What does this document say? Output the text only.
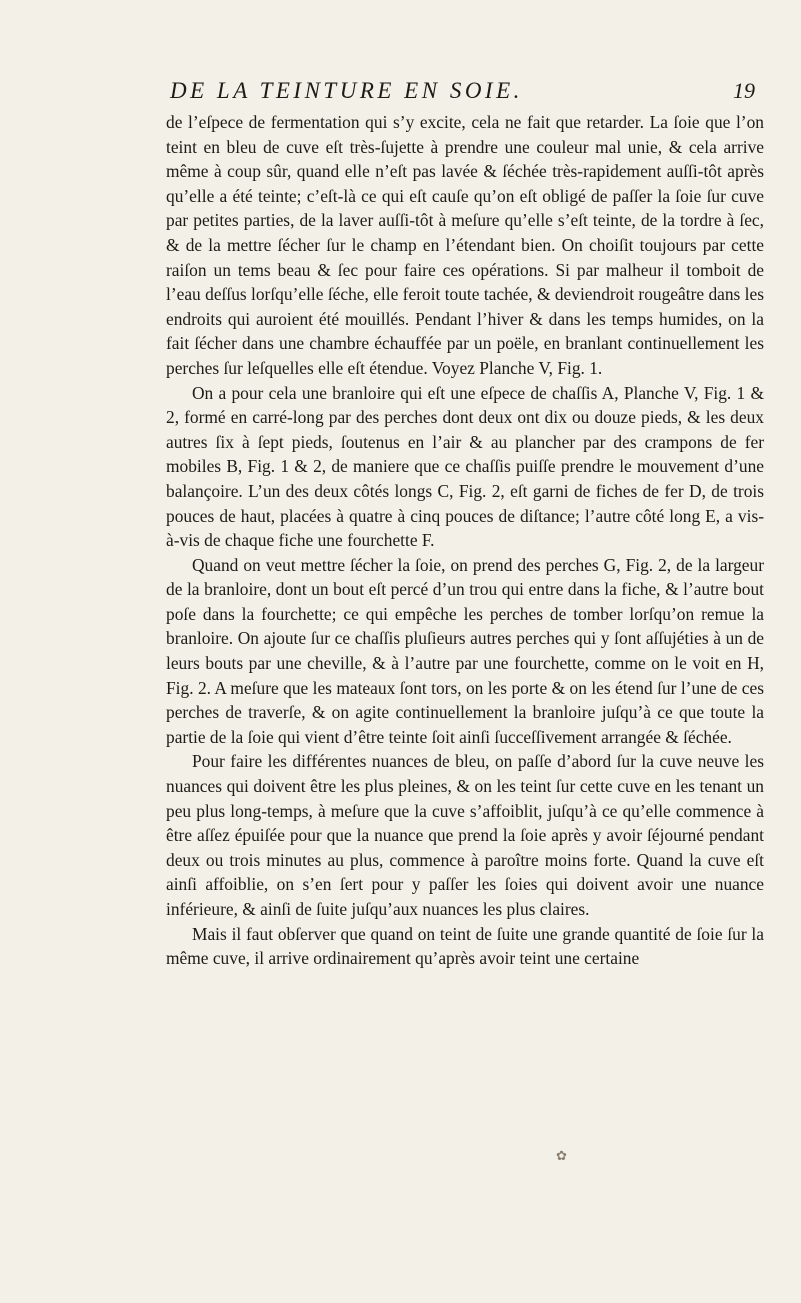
DE LA TEINTURE EN SOIE.	19

de l’eſpece de fermentation qui s’y excite, cela ne fait que retarder. La ſoie que l’on teint en bleu de cuve eſt très-ſujette à prendre une couleur mal unie, & cela arrive même à coup sûr, quand elle n’eſt pas lavée & ſéchée très-rapidement auſſi-tôt après qu’elle a été teinte; c’eſt-là ce qui eſt cauſe qu’on eſt obligé de paſſer la ſoie ſur cuve par petites parties, de la laver auſſi-tôt à meſure qu’elle s’eſt teinte, de la tordre à ſec, & de la mettre ſécher ſur le champ en l’étendant bien. On choiſit toujours par cette raiſon un tems beau & ſec pour faire ces opérations. Si par malheur il tomboit de l’eau deſſus lorſqu’elle ſéche, elle feroit toute tachée, & deviendroit rougeâtre dans les endroits qui auroient été mouillés. Pendant l’hiver & dans les temps humides, on la fait ſécher dans une chambre échauffée par un poële, en branlant continuellement les perches ſur leſquelles elle eſt étendue. Voyez Planche V, Fig. 1.

On a pour cela une branloire qui eſt une eſpece de chaſſis A, Planche V, Fig. 1 & 2, formé en carré-long par des perches dont deux ont dix ou douze pieds, & les deux autres ſix à ſept pieds, ſoutenus en l’air & au plancher par des crampons de fer mobiles B, Fig. 1 & 2, de maniere que ce chaſſis puiſſe prendre le mouvement d’une balançoire. L’un des deux côtés longs C, Fig. 2, eſt garni de fiches de fer D, de trois pouces de haut, placées à quatre à cinq pouces de diſtance; l’autre côté long E, a vis-à-vis de chaque fiche une fourchette F.

Quand on veut mettre ſécher la ſoie, on prend des perches G, Fig. 2, de la largeur de la branloire, dont un bout eſt percé d’un trou qui entre dans la fiche, & l’autre bout poſe dans la fourchette; ce qui empêche les perches de tomber lorſqu’on remue la branloire. On ajoute ſur ce chaſſis pluſieurs autres perches qui y ſont aſſujéties à un de leurs bouts par une cheville, & à l’autre par une fourchette, comme on le voit en H, Fig. 2. A meſure que les mateaux ſont tors, on les porte & on les étend ſur l’une de ces perches de traverſe, & on agite continuellement la branloire juſqu’à ce que toute la partie de la ſoie qui vient d’être teinte ſoit ainſi ſucceſſivement arrangée & ſéchée.

Pour faire les différentes nuances de bleu, on paſſe d’abord ſur la cuve neuve les nuances qui doivent être les plus pleines, & on les teint ſur cette cuve en les tenant un peu plus long-temps, à meſure que la cuve s’affoiblit, juſqu’à ce qu’elle commence à être aſſez épuiſée pour que la nuance que prend la ſoie après y avoir ſéjourné pendant deux ou trois minutes au plus, commence à paroître moins forte. Quand la cuve eſt ainſi affoiblie, on s’en ſert pour y paſſer les ſoies qui doivent avoir une nuance inférieure, & ainſi de ſuite juſqu’aux nuances les plus claires.

Mais il faut obſerver que quand on teint de ſuite une grande quantité de ſoie ſur la même cuve, il arrive ordinairement qu’après avoir teint une certaine

✿
